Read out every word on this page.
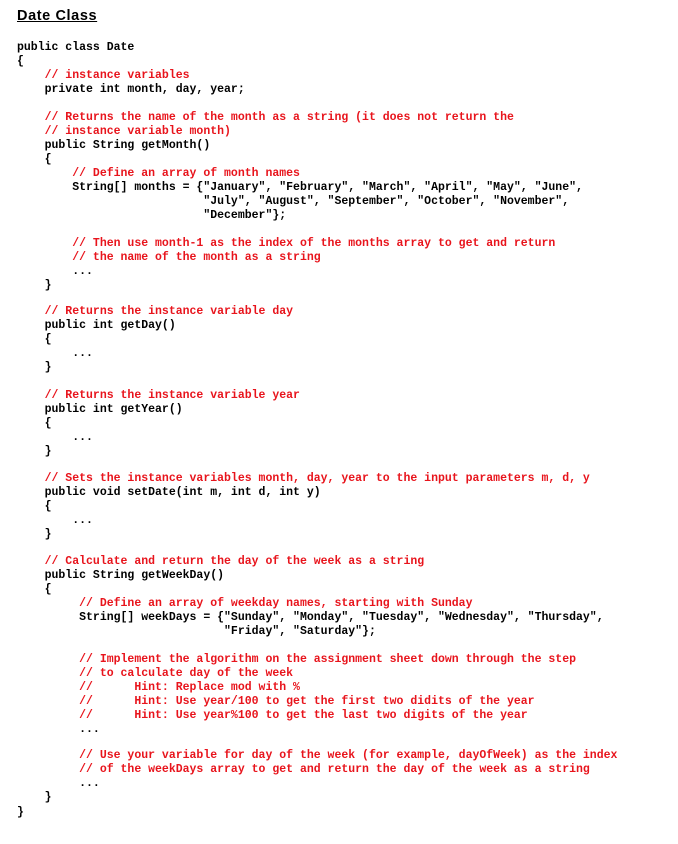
Date Class
public class Date
{
// instance variables
private int month, day, year;
// Returns the name of the month as a string (it does not return the
// instance variable month)
public String getMonth()
{
// Define an array of month names
String[] months = {"January", "February", "March", "April", "May", "June",
"July", "August", "September", "October", "November",
"December"};
// Then use month-1 as the index of the months array to get and return
// the name of the month as a string
...
}
// Returns the instance variable day
public int getDay()
{
...
}
// Returns the instance variable year
public int getYear()
{
...
}
// Sets the instance variables month, day, year to the input parameters m, d, y
public void setDate(int m, int d, int y)
{
...
}
// Calculate and return the day of the week as a string
public String getWeekDay()
{
// Define an array of weekday names, starting with Sunday
String[] weekDays = {"Sunday", "Monday", "Tuesday", "Wednesday", "Thursday",
"Friday", "Saturday"};
// Implement the algorithm on the assignment sheet down through the step
// to calculate day of the week
//      Hint: Replace mod with %
//      Hint: Use year/100 to get the first two didits of the year
//      Hint: Use year%100 to get the last two digits of the year
...
// Use your variable for day of the week (for example, dayOfWeek) as the index
// of the weekDays array to get and return the day of the week as a string
...
}
}
